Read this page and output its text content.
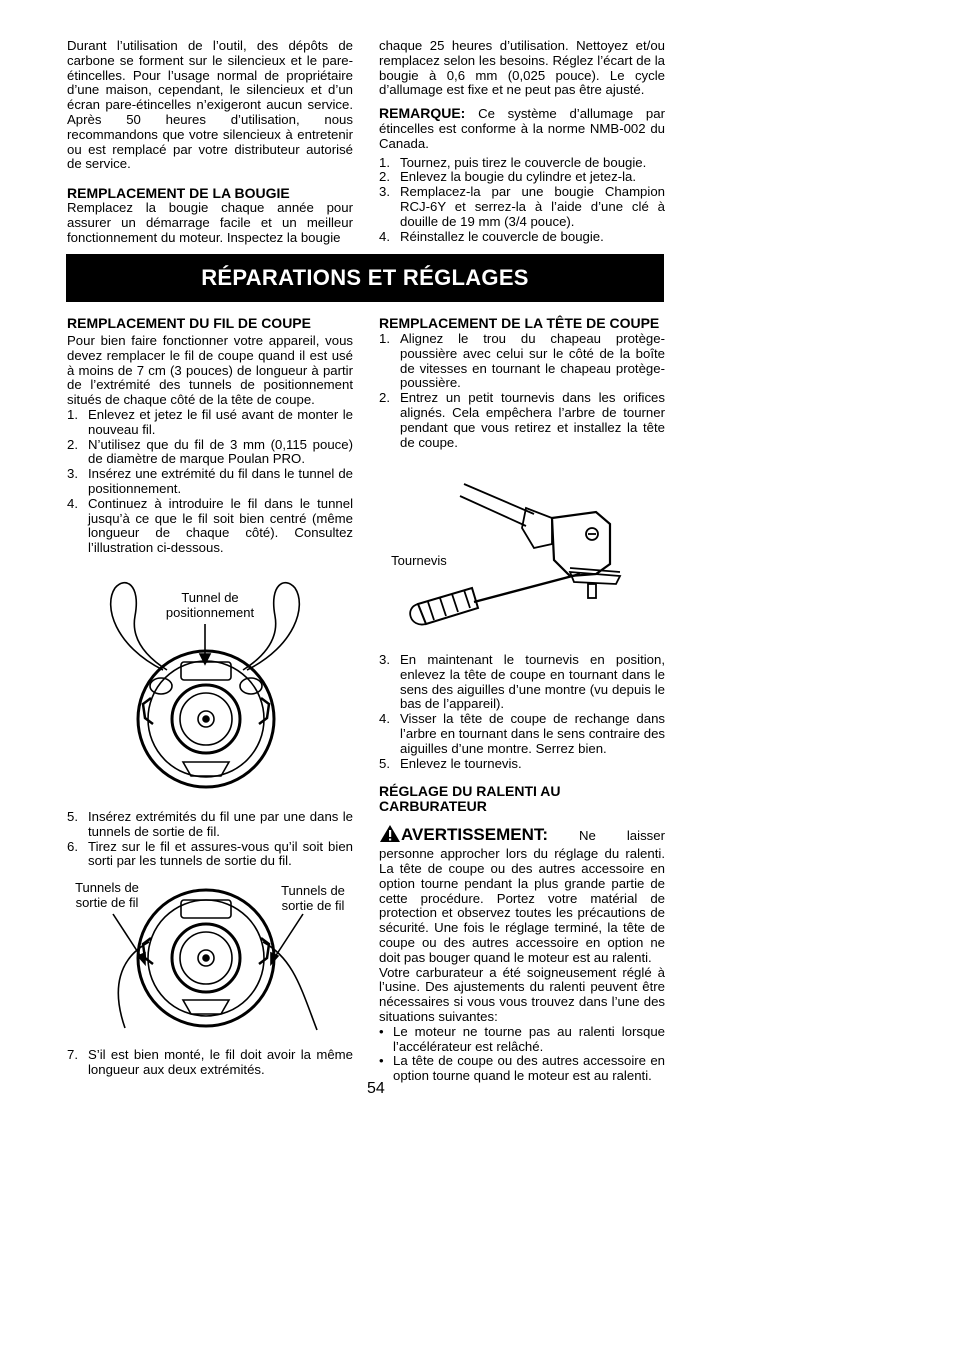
Durant l’utilisation de l’outil, des dépôts de carbone se forment sur le silencieux et le pare-étincelles. Pour l’usage normal de propriétaire d’une maison, cependant, le silencieux et d’un écran pare-étincelles n’exigeront aucun service. Après 50 heures d’utilisation, nous recommandons que votre silencieux à entretenir ou est remplacé par votre distributeur autorisé de service.

REMPLACEMENT DE LA BOUGIE

Remplacez la bougie chaque année pour assurer un démarrage facile et un meilleur fonctionnement du moteur. Inspectez la bougie

chaque 25 heures d’utilisation. Nettoyez et/ou remplacez selon les besoins. Réglez l’écart de la bougie à 0,6 mm (0,025 pouce). Le cycle d’allumage est fixe et ne peut pas être ajusté.

REMARQUE: Ce système d’allumage par étincelles est conforme à la norme NMB-002 du Canada.

1. Tournez, puis tirez le couvercle de bougie.
2. Enlevez la bougie du cylindre et jetez-la.
3. Remplacez-la par une bougie Champion RCJ-6Y et serrez-la à l’aide d’une clé à douille de 19 mm (3/4 pouce).
4. Réinstallez le couvercle de bougie.
RÉPARATIONS ET RÉGLAGES
REMPLACEMENT DU FIL DE COUPE

Pour bien faire fonctionner votre appareil, vous devez remplacer le fil de coupe quand il est usé à moins de 7 cm (3 pouces) de longueur à partir de l’extrémité des tunnels de positionnement situés de chaque côté de la tête de coupe.

1. Enlevez et jetez le fil usé avant de monter le nouveau fil.
2. N’utilisez que du fil de 3 mm (0,115 pouce) de diamètre de marque Poulan PRO.
3. Insérez une extrémité du fil dans le tunnel de positionnement.
4. Continuez à introduire le fil dans le tunnel jusqu’à ce que le fil soit bien centré (même longueur de chaque côté). Consultez l’illustration ci-dessous.
Tunnel de positionnement
5. Insérez extrémités du fil une par une dans le tunnels de sortie de fil.
6. Tirez sur le fil et assures-vous qu’il soit bien sorti par les tunnels de sortie du fil.
Tunnels de sortie de fil
Tunnels de sortie de fil
7. S’il est bien monté, le fil doit avoir la même longueur aux deux extrémités.
REMPLACEMENT DE LA TÊTE DE COUPE
1. Alignez le trou du chapeau protège-poussière avec celui sur le côté de la boîte de vitesses en tournant le chapeau protège-poussière.
2. Entrez un petit tournevis dans les orifices alignés. Cela empêchera l’arbre de tourner pendant que vous retirez et installez la tête de coupe.
Tournevis
3. En maintenant le tournevis en position, enlevez la tête de coupe en tournant dans le sens des aiguilles d’une montre (vu depuis le bas de l’appareil).
4. Visser la tête de coupe de rechange dans l’arbre en tournant dans le sens contraire des aiguilles d’une montre. Serrez bien.
5. Enlevez le tournevis.
RÉGLAGE DU RALENTI AU CARBURATEUR

AVERTISSEMENT: Ne laisser personne approcher lors du réglage du ralenti. La tête de coupe ou des autres accessoire en option tourne pendant la plus grande partie de cette procédure. Portez votre matérial de protection et observez toutes les précautions de sécurité. Une fois le réglage terminé, la tête de coupe ou des autres accessoire en option ne doit pas bouger quand le moteur est au ralenti.

Votre carburateur a été soigneusement réglé à l’usine. Des ajustements du ralenti peuvent être nécessaires si vous vous trouvez dans l’une des situations suivantes:

• Le moteur ne tourne pas au ralenti lorsque l’accélérateur est relâché.
• La tête de coupe ou des autres accessoire en option tourne quand le moteur est au ralenti.
54
